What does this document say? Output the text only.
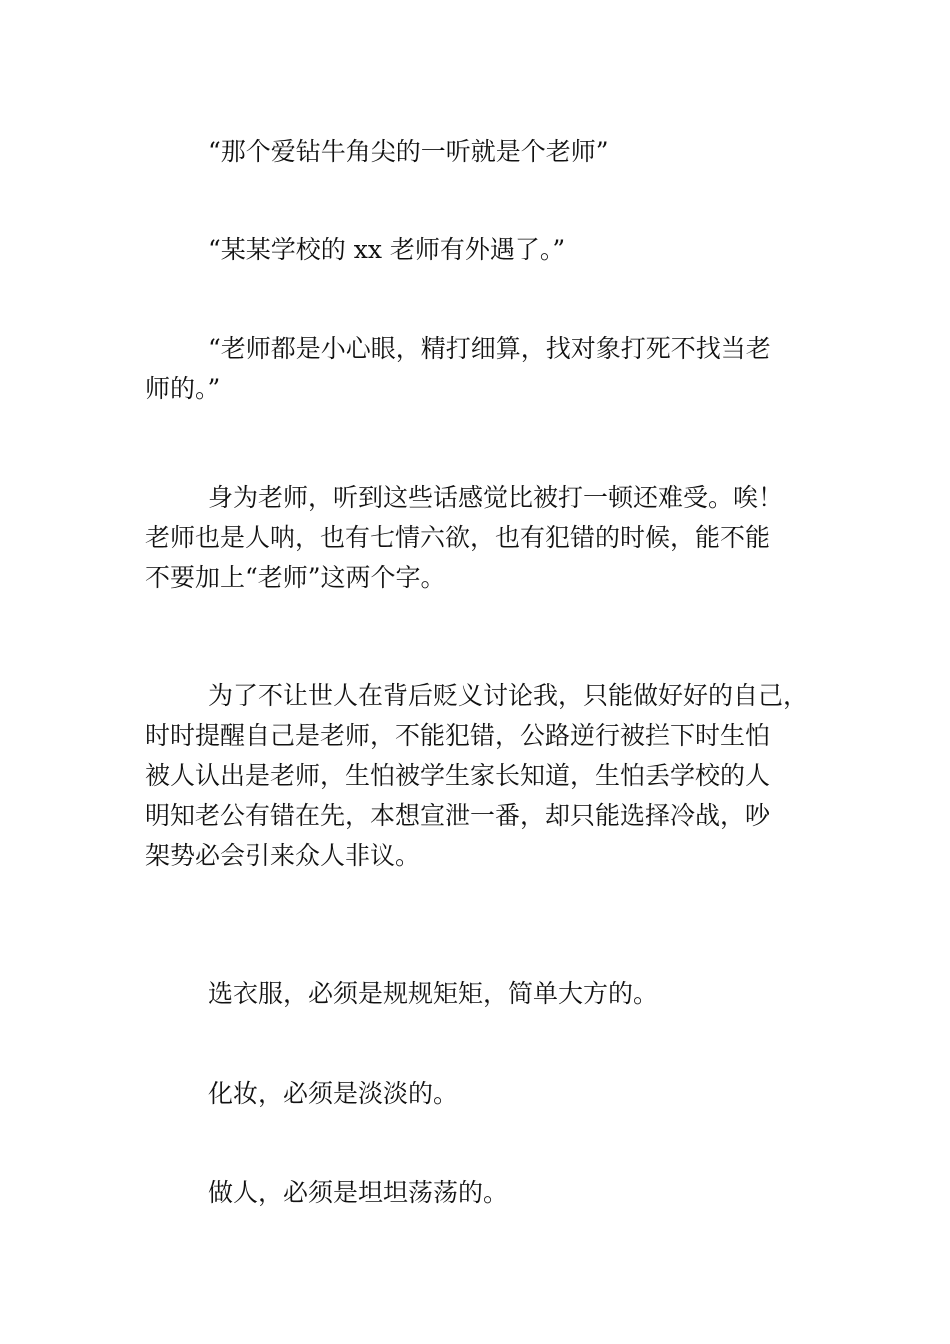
“那个爱钻牛角尖的一听就是个老师”

“某某学校的 xx 老师有外遇了。”

“老师都是小心眼，精打细算，找对象打死不找当老
师的。”

身为老师，听到这些话感觉比被打一顿还难受。唉！
老师也是人呐，也有七情六欲，也有犯错的时候，能不能
不要加上“老师”这两个字。

为了不让世人在背后贬义讨论我，只能做好好的自己，
时时提醒自己是老师，不能犯错，公路逆行被拦下时生怕
被人认出是老师，生怕被学生家长知道，生怕丢学校的人
明知老公有错在先，本想宣泄一番，却只能选择冷战，吵
架势必会引来众人非议。

选衣服，必须是规规矩矩，简单大方的。

化妆，必须是淡淡的。

做人，必须是坦坦荡荡的。
